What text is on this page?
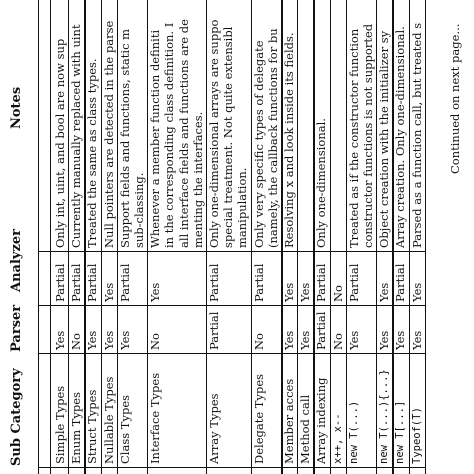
Sub Category
Parser
Analyzer
Notes	Continued on next page...
Simple Types
Yes
Partial
Only int, uint, and bool are now sup
Enum Types
No
Partial
Currently manually replaced with uint
Struct Types
Yes
Partial
Treated the same as class types.
Nullable Types
Yes
Yes
Null pointers are detected in the parse
Class Types
Yes
Partial
Support fields and functions, static m sub-classing.
Interface Types
No
Yes
Whenever a member function definiti in the corresponding class definition. I all interface fields and functions are de menting the interfaces.
Array Types
Partial
Partial
Only one-dimensional arrays are suppo special treatment. Not quite extensibl manipulation.
Delegate Types
No
Partial
Only very specific types of delegate (namely, the callback functions for bu
Member acces
Yes
Yes
Resolving x and look inside its fields.
Method call
Yes
Yes
Array indexing
Partial
Partial
Only one-dimensional.
x++, x--
No
No
new T(...)
Yes
Partial
Treated as if the constructor function constructor functions is not supported
new T(...){...}
Yes
Yes
Object creation with the initializer sy
new T[...]
Yes
Partial
Array creation. Only one-dimensional.
Typeof(T)
Yes
Yes
Parsed as a function call, but treated s
